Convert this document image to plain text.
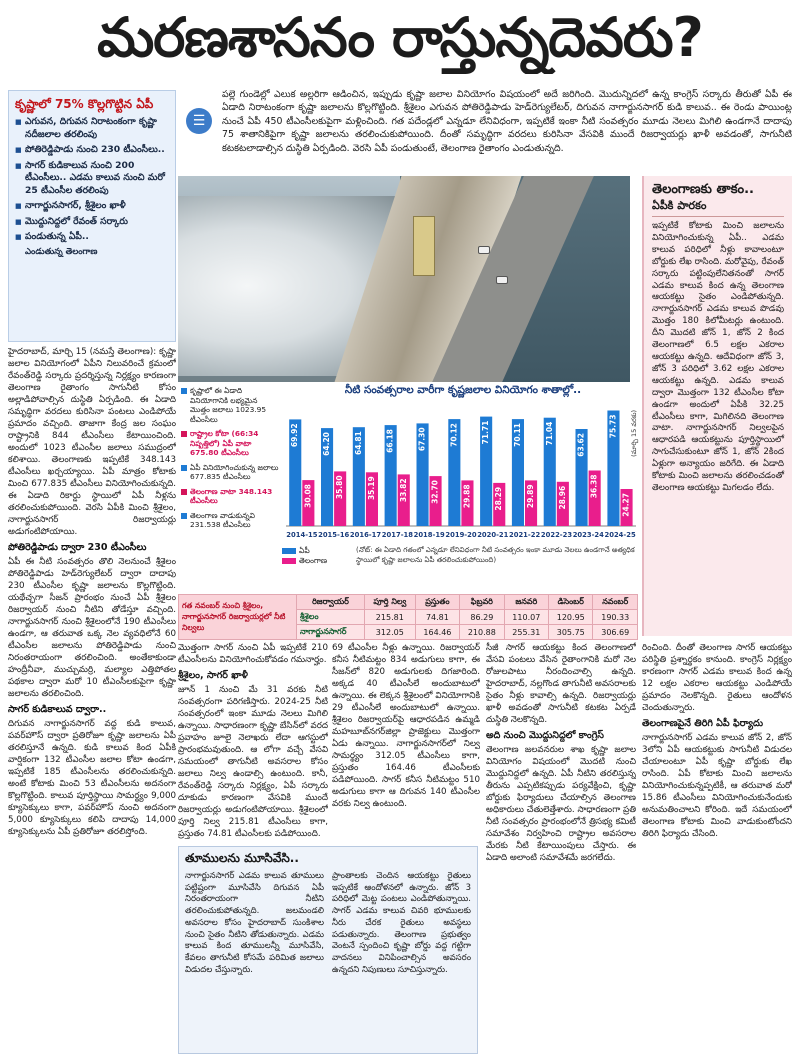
మరణశాసనం రాస్తున్నదెవరు?
కృష్ణాలో 75% కొల్లగొట్టిన ఏపీ
■ ఎగువన, దిగువన నిరాటంకంగా కృష్ణా నదీజలాల తరలింపు
■ పోతిరెడ్డిపాడు నుంచి 230 టీఎంసీలు..
■ సాగర్ కుడికాలువ నుంచి 200 టీఎంసీలు.. ఎడమ కాలువ నుంచి మరో 25 టీఎంసీల తరలింపు
■ నాగార్జునసాగర్, శ్రీశైలం ఖాళీ
■ మొద్దునిద్దలో రేవంత్ సర్కారు
■ పండుతున్న ఏపీ..
ఎండుతున్న తెలంగాణ
☰
పల్లె గుండెల్లో ఎలుక అల్లరిగా ఆడించిన, ఇప్పుడు కృష్ణా జలాల వినియోగం విషయంలో అదే జరిగింది. మొదున్నిదలో ఉన్న కాంగ్రెస్ సర్కారు తీరుతో ఏపీ ఈ ఏడాది నిరాటంకంగా కృష్ణా జలాలను కొల్లగొట్టింది. శ్రీశైలం ఎగువన పోతిరెడ్డిపాడు హెడ్‌రెగ్యులేటర్, దిగువన నాగార్జునసాగర్ కుడి కాలువ.. ఈ రెండు పాయింట్ల నుంచే ఏపీ 450 టీఎంసీలకుపైగా మళ్లించింది. గత పదేండ్లలో ఎన్నడూ లేనివిధంగా, ఇప్పటికే ఇంకా నీటి సంవత్సరం మూడు నెలలు మిగిలి ఉండగానే దాదాపు 75 శాతానికిపైగా కృష్ణా జలాలను తరలించుకుపోయింది. దీంతో సమృద్ధిగా వరదలు కురిసినా వేసవికి ముందే రిజర్వాయర్లు ఖాళీ అవడంతో, సాగునీటి కటకటలాడాల్సిన దుస్థితి ఏర్పడింది. వెరసి ఏపీ పండుతుంటే, తెలంగాణ రైతాంగం ఎండుతున్నది.
తెలంగాణకు తాకం..
ఏపీకి పారకం

ఇప్పటికే కోటాకు మించి జలాలను వినియోగించుకున్న ఏపీ.. ఎడమ కాలువ పరిధిలో నీళ్లు కావాలంటూ బోర్డుకు లేఖ రాసింది. మరోవైపు, రేవంత్ సర్కారు పట్టింపులేనితనంతో సాగర్ ఎడమ కాలువ కింద ఉన్న తెలంగాణ ఆయకట్టు సైతం ఎండిపోతున్నది. నాగార్జునసాగర్ ఎడమ కాలువ పొడవు మొత్తం 180 కిలోమీటర్లు ఉంటుంది. దీని మొదటి జోన్ 1, జోన్ 2 కింద తెలంగాణలో 6.5 లక్షల ఎకరాల ఆయకట్టు ఉన్నది. ఆదేవిధంగా జోన్ 3, జోన్ 3 పరిధిలో 3.62 లక్షల ఎకరాల ఆయకట్టు ఉన్నది. ఎడమ కాలువ ద్వారా మొత్తంగా 132 టీఎంసీల కోటా ఉండగా అందులో ఏపీకి 32.25 టీఎంసీలు కాగా, మిగిలినది తెలంగాణ వాటా. నాగార్జునసాగర్ నిల్వలపైన ఆధారపడి ఆయకట్టును పూర్తిస్థాయిలో సాగుచేసుకుంటూ జోన్ 1, జోన్ 2కింద ఏళ్లుగా అన్యాయం జరిగేది. ఈ ఏడాది కోటాకు మించి జలాలను తరలించడంతో తెలంగాణ ఆయకట్టు మిగలడం లేదు.

హైదరాబాద్, మార్చి 15 (నమస్తే తెలంగాణ): కృష్ణా జలాల వినియోగంలో ఏపీని నిలువరించే క్రమంలో రేవంత్‌రెడ్డి సర్కారు ప్రదర్శిస్తున్న నిర్లక్ష్యం కారణంగా తెలంగాణ రైతాంగం సాగునీటి కోసం అల్లాడిపోవాల్సిన దుస్థితి ఏర్పడింది. ఈ ఏడాది సమృద్ధిగా వరదలు కురిసినా పంటలు ఎండిపోయే ప్రమాదం వచ్చింది. తాజాగా కేంద్ర జల సంఘం రాష్ట్రానికి 844 టీఎంసీలు కేటాయించింది. అందులో 1023 టీఎంసీల జలాలు సముద్రంలో కలిశాయి. తెలంగాణకు ఇప్పటికే 348.143 టీఎంసీలు ఖర్చయ్యాయి. ఏపీ మాత్రం కోటాకు మించి 677.835 టీఎంసీలు వినియోగించుకున్నది. ఈ ఏడాది రికార్డు స్థాయిలో ఏపీ నీళ్లను తరలించుకుపోయింది. వెరసి ఏపీకి మించి శ్రీశైలం, నాగార్జునసాగర్ రిజర్వాయర్లు అడుగంటిపోయాయి.

పోతిరెడ్డిపాడు ద్వారా 230 టీఎంసీలు

ఏపీ ఈ నీటి సంవత్సరం తొలి నెలనుంచే శ్రీశైలం పోతిరెడ్డిపాడు హెడ్‌రెగ్యులేటర్ ద్వారా దాదాపు 230 టీఎంసీల కృష్ణా జలాలను కొల్లగొట్టింది. యథేచ్ఛగా సీజన్ ప్రారంభం నుంచే ఏపీ శ్రీశైలం రిజర్వాయర్ నుంచి నీటిని తోడేస్తూ వచ్చింది. నాగార్జునసాగర్ నుంచి శ్రీశైలంలోనే 190 టీఎంసీలు ఉండగా, ఆ తరువాత ఒక్క నెల వ్యవధిలోనే 60 టీఎంసీల జలాలను పోతిరెడ్డిపాడు నుంచి నిరంతరాయంగా తరలించింది. అంతేకాకుండా హంద్రీనీవా, ముచ్చుమర్రి, మల్యాల ఎత్తిపోతల పథకాల ద్వారా మరో 10 టీఎంసీలకుపైగా కృష్ణా జలాలను తరలించింది.

సాగర్ కుడికాలువ ద్వారా..

దిగువన నాగార్జునసాగర్ వద్ద కుడి కాలువ, పవర్‌హౌస్ ద్వారా ప్రతిరోజూ కృష్ణా జలాలను ఏపీ తరలిస్తూనే ఉన్నది. కుడి కాలువ కింద ఏపీకి వార్షికంగా 132 టీఎంసీల జలాల కోటా ఉండగా, ఇప్పటికే 185 టీఎంసీలను తరలించుకున్నది. అంటే కోటాకు మించి 53 టీఎంసీలను అదనంగా కొల్లగొట్టింది. కాలువ పూర్తిస్థాయి సామర్థ్యం 9,000 క్యూసెక్కులు కాగా, పవర్‌హౌస్ నుంచి అదనంగా 5,000 క్యూసెక్కులు కలిపి దాదాపు 14,000 క్యూసెక్కులను ఏపీ ప్రతిరోజూ తరలిస్తోంది.

కృష్ణాలో ఈ ఏడాది వినియోగానికి లభ్యమైన మొత్తం జలాలు 1023.95 టీఎంసీలు
రాష్ట్రాల కోటా (66:34 నిష్పత్తిలో) ఏపీ వాటా 675.80 టీఎంసీలు
ఏపీ వినియోగించుకున్న జలాలు 677.835 టీఎంసీలు
తెలంగాణ వాటా 348.143 టీఎంసీలు
తెలంగాణ వాడుకున్నవి 231.538 టీఎంసీలు
నీటి సంవత్సరాల వారీగా కృష్ణజలాల వినియోగం శాతాల్లో..
69.92
30.08
2014-15
64.20
35.80
2015-16
64.81
35.19
2016-17
66.18
33.82
2017-18
67.30
32.70
2018-19
70.12
29.88
2019-20
71.71
28.29
2020-21
70.11
29.89
2021-22
71.04
28.96
2022-23
63.62
36.38
2023-24
75.73
24.27
2024-25
(మార్చి 15 వరకు)
ఏపీ
తెలంగాణ
(నోట్: ఈ ఏడాది గతంలో ఎన్నడూ లేనివిధంగా నీటి సంవత్సరం ఇంకా మూడు నెలలు ఉండగానే అత్యధిక స్థాయిలో కృష్ణా జలాలను ఏపీ తరలించుకుపోయింది)
గత నవంబర్ నుంచి శ్రీశైలం, నాగార్జునసాగర్ రిజర్వాయర్లలో నీటి నిల్వలు	రిజర్వాయర్	పూర్తి నిల్వ	ప్రస్తుతం	ఫిబ్రవరి	జనవరి	డిసెంబర్	నవంబర్
	శ్రీశైలం	215.81	74.81	86.29	110.07	120.95	190.33
	నాగార్జునసాగర్	312.05	164.46	210.88	255.31	305.75	306.69

మొత్తంగా సాగర్ నుంచి ఏపీ ఇప్పటికే 210 టీఎంసీలను వినియోగించుకోవడం గమనార్హం.

శ్రీశైలం, సాగర్ ఖాళీ

జూన్ 1 నుంచి మే 31 వరకు నీటి సంవత్సరంగా పరిగణిస్తారు. 2024-25 నీటి సంవత్సరంలో ఇంకా మూడు నెలలు మిగిలి ఉన్నాయి. సాధారణంగా కృష్ణా బేసిన్‌లో వరద ప్రవాహం జూలై నెలాఖరు లేదా ఆగస్టులో ప్రారంభమవుతుంది. ఆ లోగా వచ్చే వేసవి సమయంలో తాగునీటి అవసరాల కోసం జలాలు నిల్వ ఉండాల్సి ఉంటుంది. కానీ, రేవంత్‌రెడ్డి సర్కారు నిర్లక్ష్యం, ఏపీ సర్కారు దూకుడు కారణంగా వేసవికి ముందే రిజర్వాయర్లు అడుగంటిపోయాయి. శ్రీశైలంలో పూర్తి నిల్వ 215.81 టీఎంసీలు కాగా, ప్రస్తుతం 74.81 టీఎంసీలకు పడిపోయింది.

69 టీఎంసీల నీళ్లు ఉన్నాయి. రిజర్వాయర్ కనీస నీటిమట్టం 834 అడుగులు కాగా, ఈ సీజన్‌లో 820 అడుగులకు దిగజారింది. అక్కడ 40 టీఎంసీలే అందుబాటులో ఉన్నాయి. ఈ లెక్కన శ్రీశైలంలో వినియోగానికి 29 టీఎంసీలే అందుబాటులో ఉన్నాయి. శ్రీశైలం రిజర్వాయర్‌పై ఆధారపడిన ఉమ్మడి మహబూబ్‌నగర్‌జిల్లా ప్రాజెక్టులు మొత్తంగా ఏడు ఉన్నాయి. నాగార్జునసాగర్‌లో నిల్వ సామర్థ్యం 312.05 టీఎంసీలు కాగా, ప్రస్తుతం 164.46 టీఎంసీలకు పడిపోయింది. సాగర్ కనీస నీటిమట్టం 510 అడుగులు కాగా ఆ దిగువన 140 టీఎంసీల వరకు నిల్వ ఉంటుంది.

సీజీ సాగర్ ఆయకట్టు కింద తెలంగాణలో వేసవి పంటలు వేసిన రైతాంగానికి మరో నెల రోజులపాటు నీరందించాల్సి ఉన్నది. హైదరాబాద్, నల్లగొండ తాగునీటి అవసరాలకు సైతం నీళ్లు కావాల్సి ఉన్నది. రిజర్వాయర్లు ఖాళీ అవడంతో సాగునీటి కటకట ఏర్పడే దుస్థితి నెలకొన్నది.

అది నుంచి మొద్దునిద్దలో కాంగ్రెస్

తెలంగాణ జలవనరుల శాఖ కృష్ణా జలాల వినియోగం విషయంలో మొదటి నుంచి మొద్దునిద్దలో ఉన్నది. ఏపీ నీటిని తరలిస్తున్న తీరును ఎప్పటికప్పుడు పర్యవేక్షించి, కృష్ణా బోర్డుకు ఫిర్యాదులు చేయాల్సిన తెలంగాణ అధికారులు చేతులెత్తేశారు. సాధారణంగా ప్రతి నీటి సంవత్సరం ప్రారంభంలోనే త్రిసభ్య కమిటీ సమావేశం నిర్వహించి రాష్ట్రాల అవసరాల మేరకు నీటి కేటాయింపులు చేస్తారు. ఈ ఏడాది అలాంటి సమావేశమే జరగలేదు.

రించింది. దీంతో తెలంగాణ సాగర్ ఆయకట్టు పరిస్థితి ప్రశ్నార్థకం కానుంది. కాంగ్రెస్ నిర్లక్ష్యం కారణంగా సాగర్ ఎడమ కాలువ కింద ఉన్న 12 లక్షల ఎకరాల ఆయకట్టు ఎండిపోయే ప్రమాదం నెలకొన్నది. రైతులు ఆందోళన చెందుతున్నారు.

తెలంగాణపైనే తిరిగి ఏపీ ఫిర్యాదు

నాగార్జునసాగర్ ఎడమ కాలువ జోన్ 2, జోన్ 3లోని ఏపీ ఆయకట్టుకు సాగునీటి విడుదల చేయాలంటూ ఏపీ కృష్ణా బోర్డుకు లేఖ రాసింది. ఏపీ కోటాకు మించి జలాలను వినియోగించుకున్నప్పటికీ, ఆ తరువాత మరో 15.86 టీఎంసీలు వినియోగించుకునేందుకు అనుమతించాలని కోరింది. ఇదే సమయంలో తెలంగాణ కోటాకు మించి వాడుకుంటోందని తిరిగి ఫిర్యాదు చేసింది.

తూములను మూసివేసి..

నాగార్జునసాగర్ ఎడమ కాలువ తూములు పట్టిష్టంగా మూసివేసి దిగువన ఏపీ నిరంతరాయంగా నీటిని తరలించుకుపోతున్నది. జలమండలి అవసరాల కోసం హైదరాబాద్ సుంకిశాల నుంచి సైతం నీటిని తోడుతున్నారు. ఎడమ కాలువ కింద తూములన్నీ మూసివేసి, కేవలం తాగునీటి కోసమే పరిమిత జలాలు విడుదల చేస్తున్నారు.

ప్రాంతాలకు చెందిన ఆయకట్టు రైతులు ఇప్పటికే ఆందోళనలో ఉన్నారు. జోన్ 3 పరిధిలో మెట్ట పంటలు ఎండిపోతున్నాయి. సాగర్ ఎడమ కాలువ చివరి భూములకు నీరు చేరక రైతులు అవస్థలు పడుతున్నారు. తెలంగాణ ప్రభుత్వం వెంటనే స్పందించి కృష్ణా బోర్డు వద్ద గట్టిగా వాదనలు వినిపించాల్సిన అవసరం ఉన్నదని నిపుణులు సూచిస్తున్నారు.
